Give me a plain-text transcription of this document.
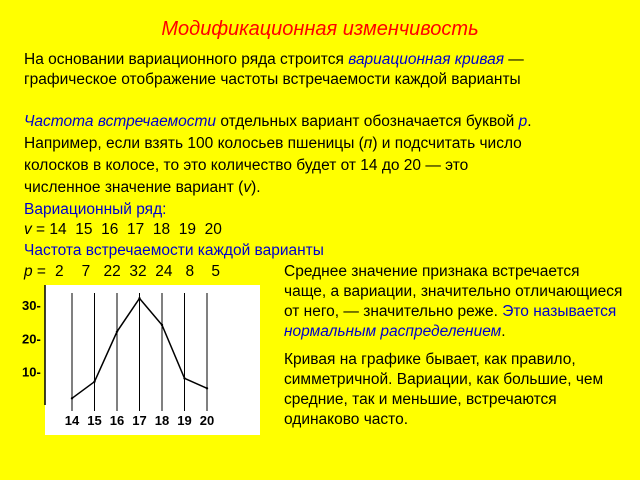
Модификационная изменчивость
На основании вариационного ряда строится вариационная кривая —
графическое отображение частоты встречаемости каждой варианты
Частота встречаемости отдельных вариант обозначается буквой р.
Например, если взять 100 колосьев пшеницы (п) и подсчитать число
колосков в колосе, то это количество будет от 14 до 20 — это
численное значение вариант (v).
Вариационный ряд:
v = 14 15 16 17 18 19 20
Частота встречаемости каждой варианты
р = 2 7 22 32 24 8 5
30-
20-
10-
14 15 16 17 18 19 20

Среднее значение признака встречается чаще, а вариации, значительно отличающиеся от него, — значительно реже. Это называется нормальным распределением.

Кривая на графике бывает, как правило, симметричной. Вариации, как большие, чем средние, так и меньшие, встречаются одинаково часто.
